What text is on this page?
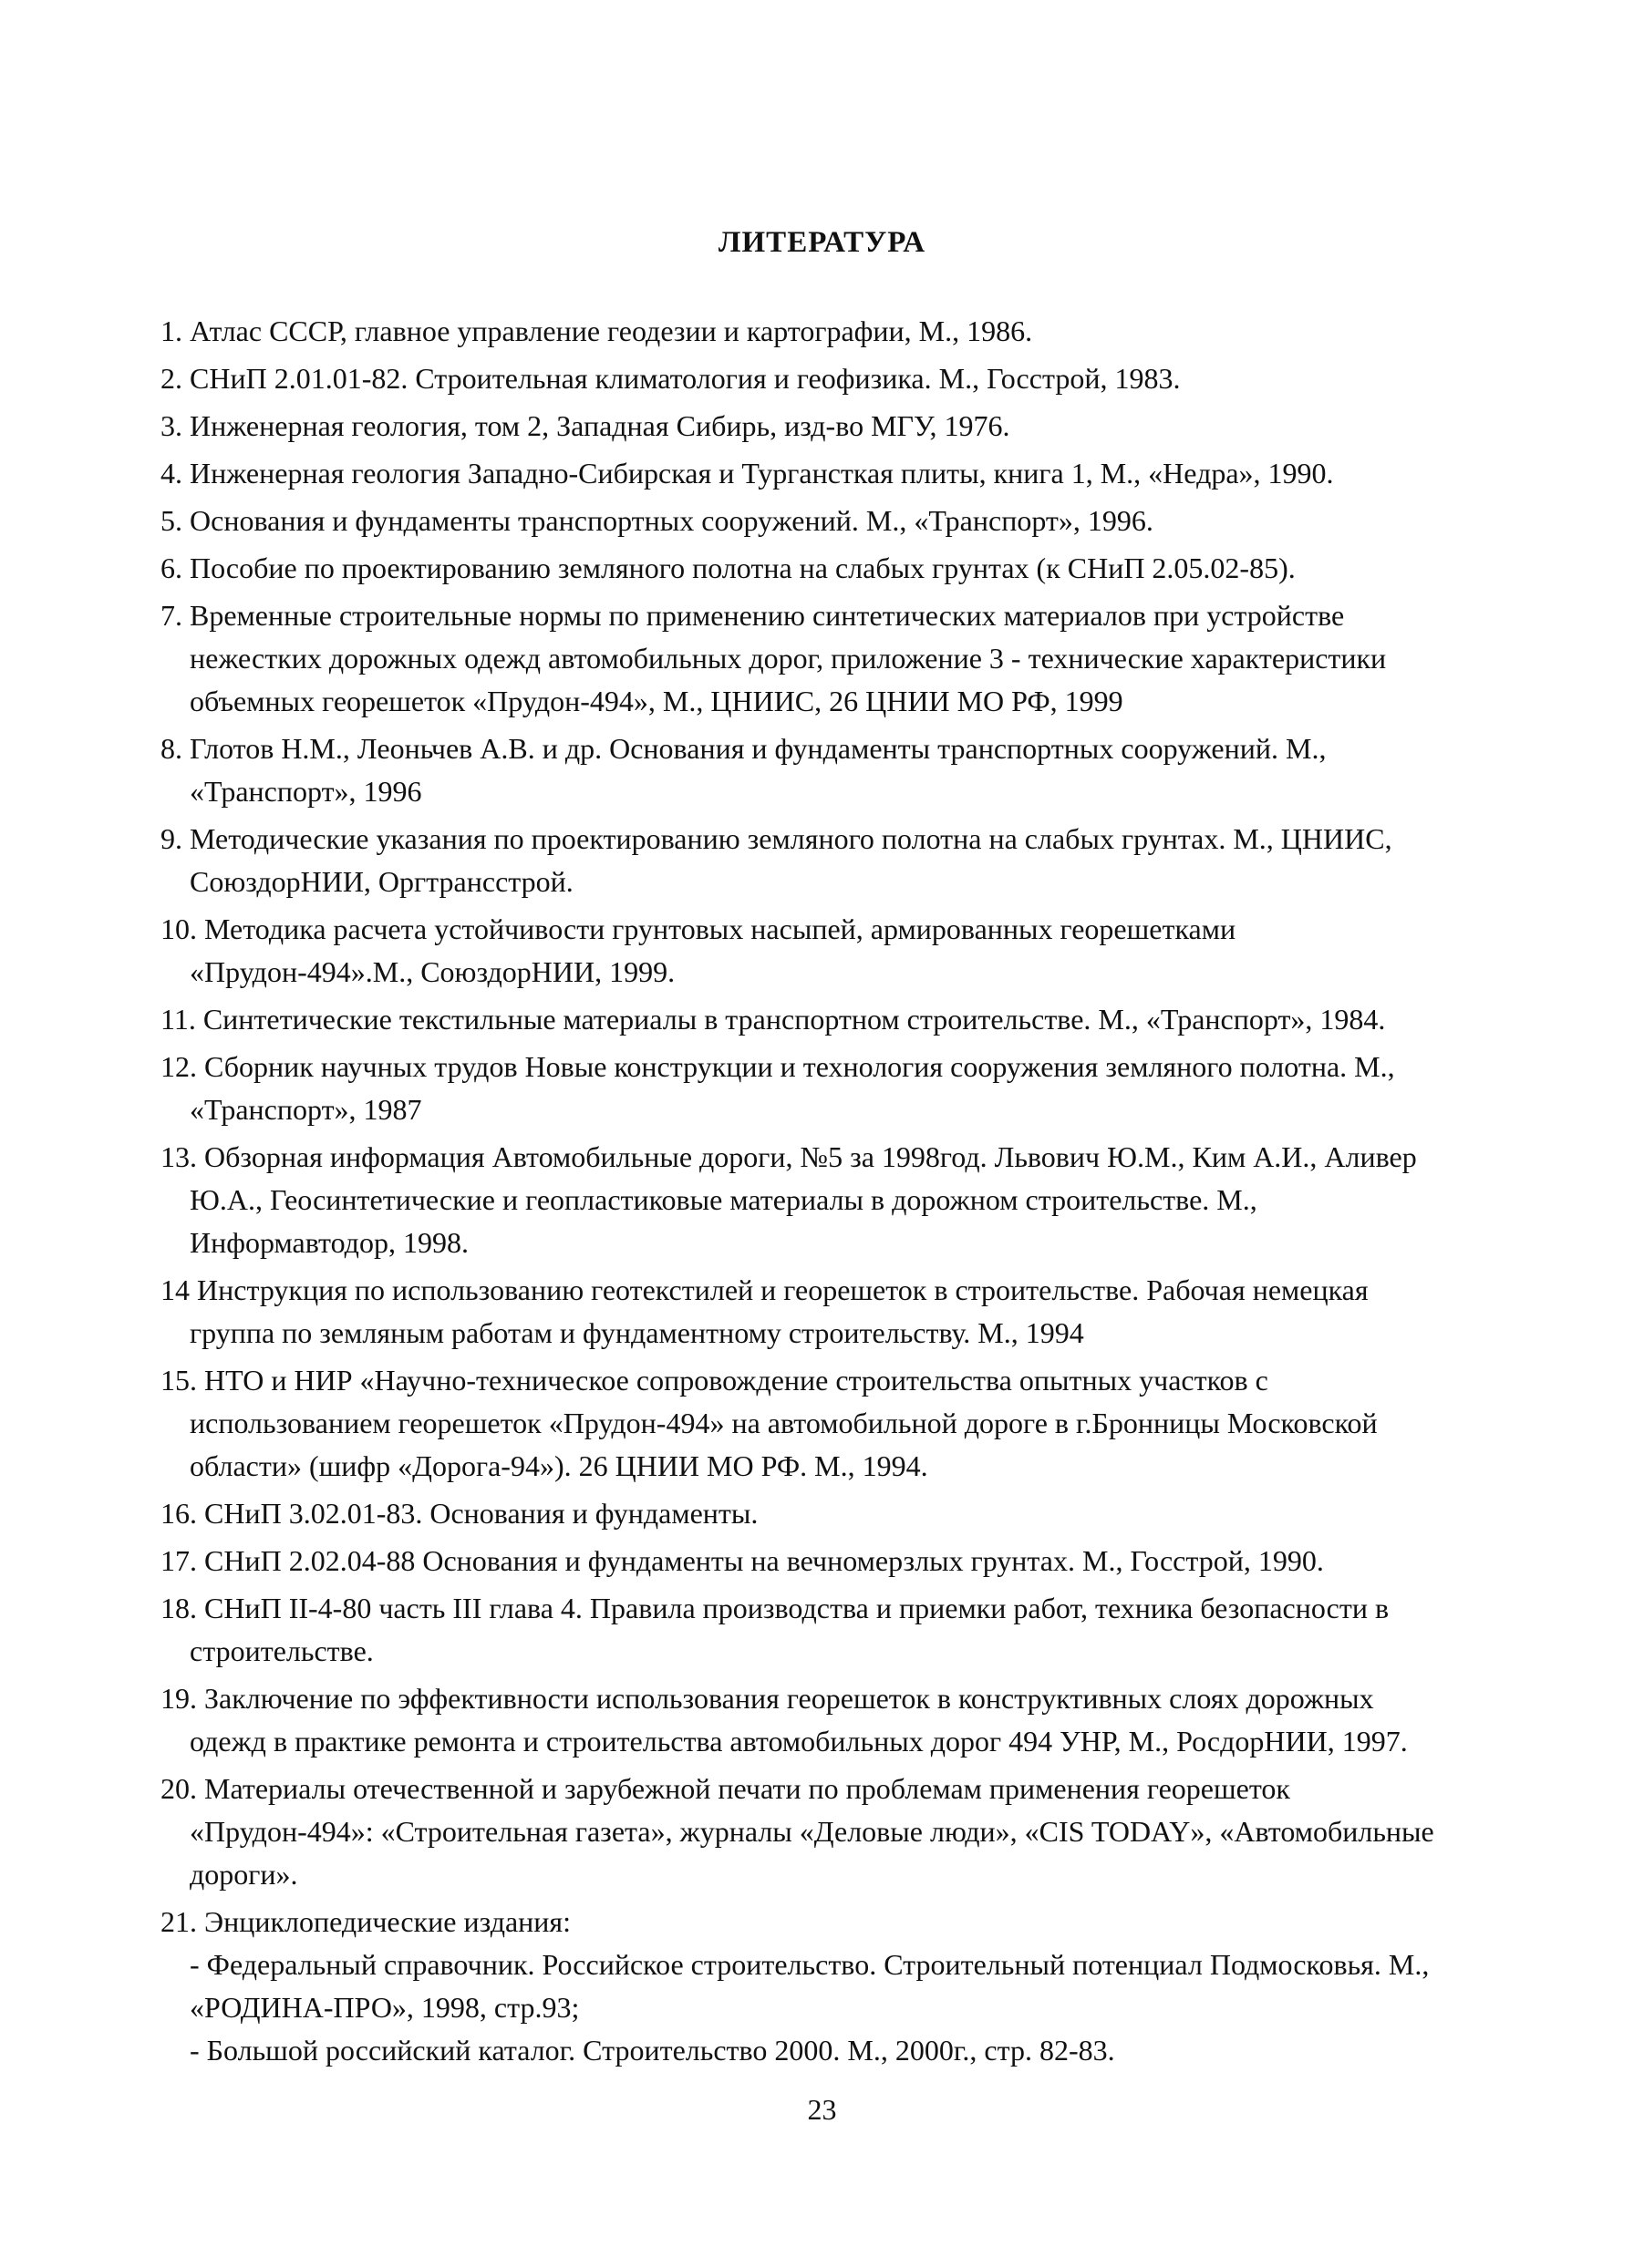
ЛИТЕРАТУРА
1. Атлас СССР, главное управление геодезии и картографии, М., 1986.
2. СНиП 2.01.01-82. Строительная климатология и геофизика. М., Госстрой, 1983.
3. Инженерная геология, том 2, Западная Сибирь, изд-во МГУ, 1976.
4. Инженерная геология Западно-Сибирская и Тургансткая плиты, книга 1, М., «Недра», 1990.
5. Основания и фундаменты транспортных сооружений. М., «Транспорт», 1996.
6. Пособие по проектированию земляного полотна на слабых грунтах (к СНиП 2.05.02-85).
7. Временные строительные нормы по применению синтетических материалов при устройстве нежестких дорожных одежд автомобильных дорог, приложение 3 - технические характеристики объемных георешеток «Прудон-494», М., ЦНИИС, 26 ЦНИИ МО РФ, 1999
8. Глотов Н.М., Леоньчев А.В. и др. Основания и фундаменты транспортных сооружений. М., «Транспорт», 1996
9. Методические указания по проектированию земляного полотна на слабых грунтах. М., ЦНИИС, СоюздорНИИ, Оргтрансстрой.
10. Методика расчета устойчивости грунтовых насыпей, армированных георешетками «Прудон-494».М., СоюздорНИИ, 1999.
11. Синтетические текстильные материалы в транспортном строительстве. М., «Транспорт», 1984.
12. Сборник научных трудов Новые конструкции и технология сооружения земляного полотна. М., «Транспорт», 1987
13. Обзорная информация Автомобильные дороги, №5 за 1998год. Львович Ю.М., Ким А.И., Аливер Ю.А., Геосинтетические и геопластиковые материалы в дорожном строительстве. М., Информавтодор, 1998.
14 Инструкция по использованию геотекстилей и георешеток в строительстве. Рабочая немецкая группа по земляным работам и фундаментному строительству. М., 1994
15. НТО и НИР «Научно-техническое сопровождение строительства опытных участков с использованием георешеток «Прудон-494» на автомобильной дороге в г.Бронницы Московской области» (шифр «Дорога-94»). 26 ЦНИИ МО РФ. М., 1994.
16. СНиП 3.02.01-83. Основания и фундаменты.
17. СНиП 2.02.04-88 Основания и фундаменты на вечномерзлых грунтах. М., Госстрой, 1990.
18. СНиП II-4-80 часть III глава 4. Правила производства и приемки работ, техника безопасности в строительстве.
19. Заключение по эффективности использования георешеток в конструктивных слоях дорожных одежд в практике ремонта и строительства автомобильных дорог 494 УНР, М., РосдорНИИ, 1997.
20. Материалы отечественной и зарубежной печати по проблемам применения георешеток «Прудон-494»: «Строительная газета», журналы «Деловые люди», «CIS TODAY», «Автомобильные дороги».
21. Энциклопедические издания:
- Федеральный справочник. Российское строительство. Строительный потенциал Подмосковья. М., «РОДИНА-ПРО», 1998, стр.93;
- Большой российский каталог. Строительство 2000. М., 2000г., стр. 82-83.
23
